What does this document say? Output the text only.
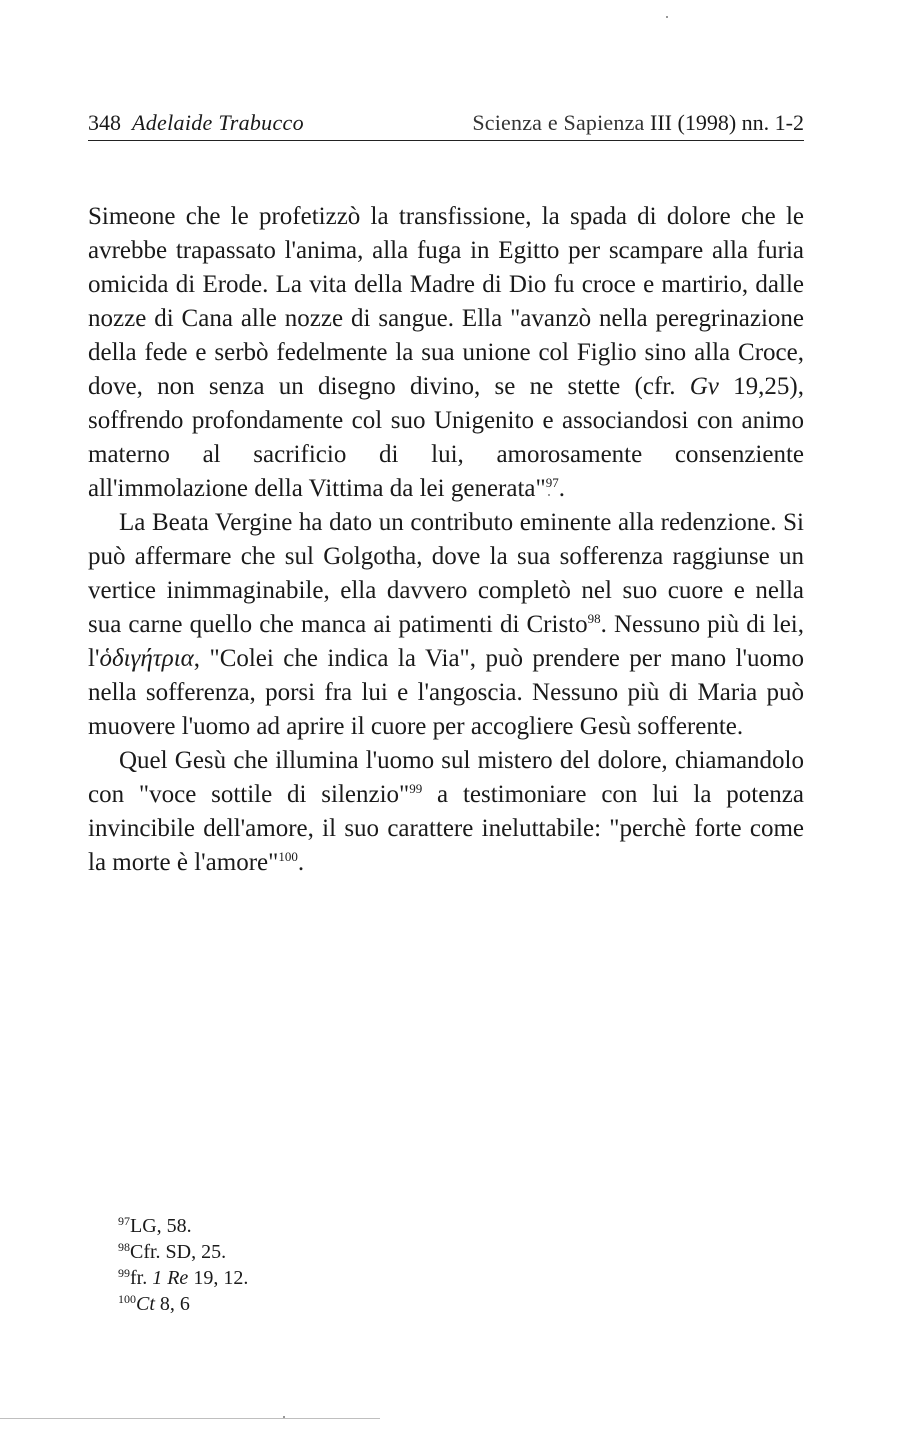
348 Adelaide Trabucco	Scienza e Sapienza III (1998) nn. 1-2

Simeone che le profetizzò la transfissione, la spada di dolore che le avrebbe trapassato l'anima, alla fuga in Egitto per scampare alla furia omicida di Erode. La vita della Madre di Dio fu croce e martirio, dalle nozze di Cana alle nozze di sangue. Ella "avanzò nella peregrinazione della fede e serbò fedelmente la sua unione col Figlio sino alla Croce, dove, non senza un disegno divino, se ne stette (cfr. Gv 19,25), soffrendo profondamente col suo Unigenito e associandosi con animo materno al sacrificio di lui, amorosamente consenziente all'immolazione della Vittima da lei generata"$^{97}$.

La Beata Vergine ha dato un contributo eminente alla redenzione. Si può affermare che sul Golgotha, dove la sua sofferenza raggiunse un vertice inimmaginabile, ella davvero completò nel suo cuore e nella sua carne quello che manca ai patimenti di Cristo$^{98}$. Nessuno più di lei, l'ὁδιγήτρια, "Colei che indica la Via", può prendere per mano l'uomo nella sofferenza, porsi fra lui e l'angoscia. Nessuno più di Maria può muovere l'uomo ad aprire il cuore per accogliere Gesù sofferente.

Quel Gesù che illumina l'uomo sul mistero del dolore, chiamandolo con "voce sottile di silenzio"$^{99}$ a testimoniare con lui la potenza invincibile dell'amore, il suo carattere ineluttabile: "perchè forte come la morte è l'amore"$^{100}$.

$^{97}$LG, 58.
$^{98}$Cfr. SD, 25.
$^{99}$fr. 1 Re 19, 12.
$^{100}$Ct 8, 6
